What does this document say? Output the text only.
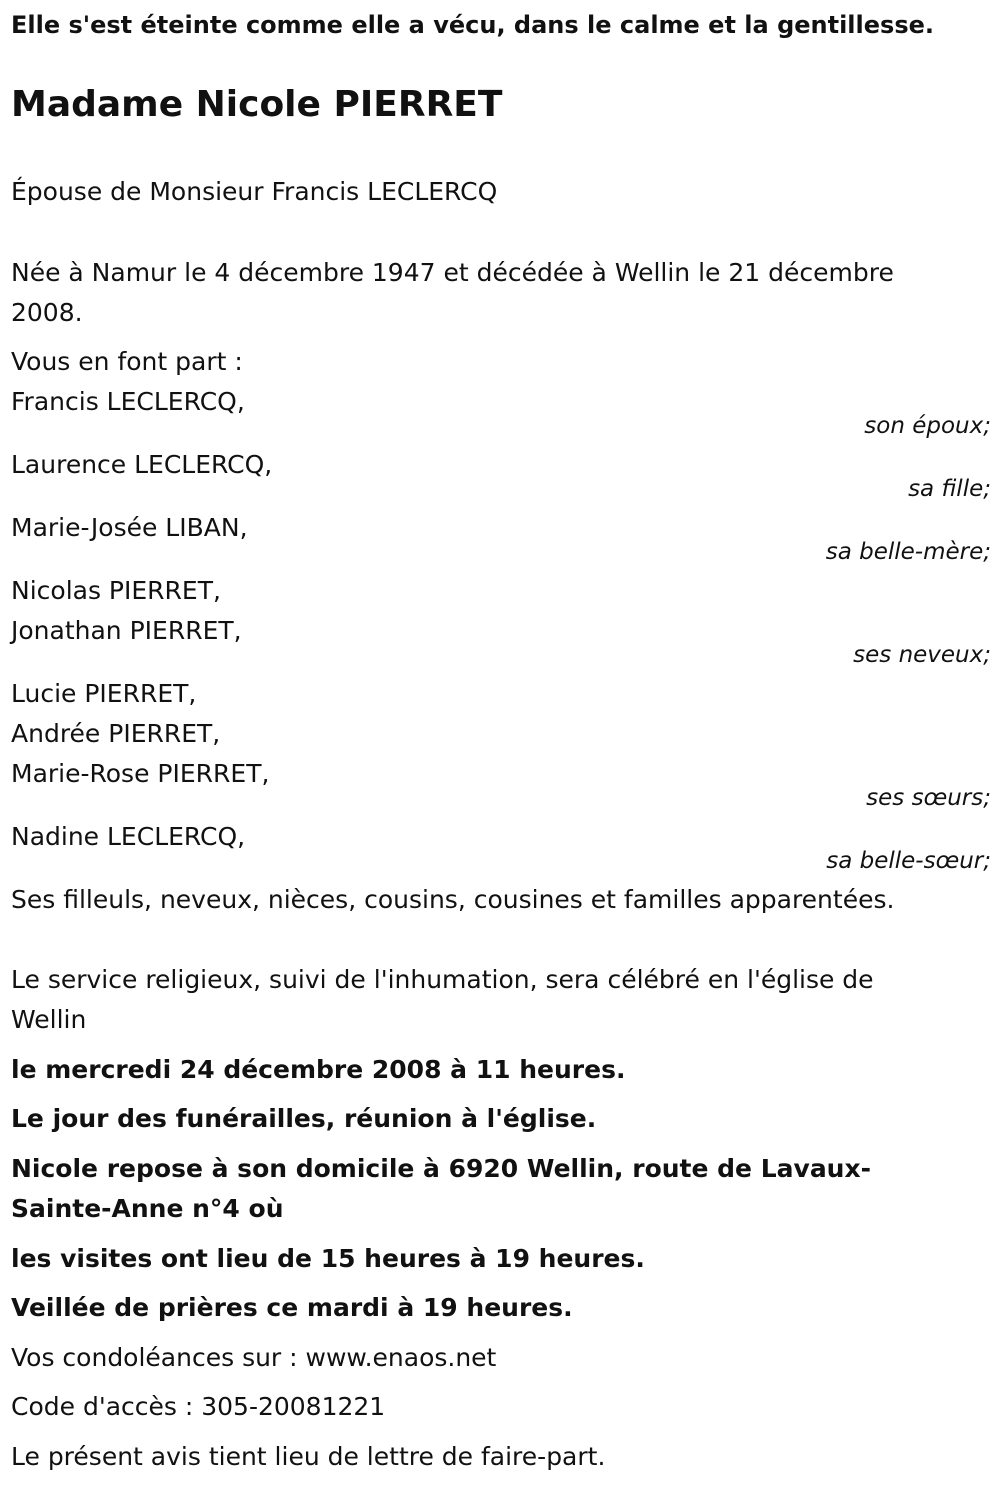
Elle s'est éteinte comme elle a vécu, dans le calme et la gentillesse.

Madame Nicole PIERRET

Épouse de Monsieur Francis LECLERCQ

Née à Namur le 4 décembre 1947 et décédée à Wellin le 21 décembre

2008.

Vous en font part :

Francis LECLERCQ,

son époux;

Laurence LECLERCQ,

sa fille;

Marie-Josée LIBAN,

sa belle-mère;

Nicolas PIERRET,

Jonathan PIERRET,

ses neveux;

Lucie PIERRET,

Andrée PIERRET,

Marie-Rose PIERRET,

ses sœurs;

Nadine LECLERCQ,

sa belle-sœur;

Ses filleuls, neveux, nièces, cousins, cousines et familles apparentées.

Le service religieux, suivi de l'inhumation, sera célébré en l'église de

Wellin

le mercredi 24 décembre 2008 à 11 heures.

Le jour des funérailles, réunion à l'église.

Nicole repose à son domicile à 6920 Wellin, route de Lavaux-

Sainte-Anne n°4 où

les visites ont lieu de 15 heures à 19 heures.

Veillée de prières ce mardi à 19 heures.

Vos condoléances sur : www.enaos.net

Code d'accès : 305-20081221

Le présent avis tient lieu de lettre de faire-part.
